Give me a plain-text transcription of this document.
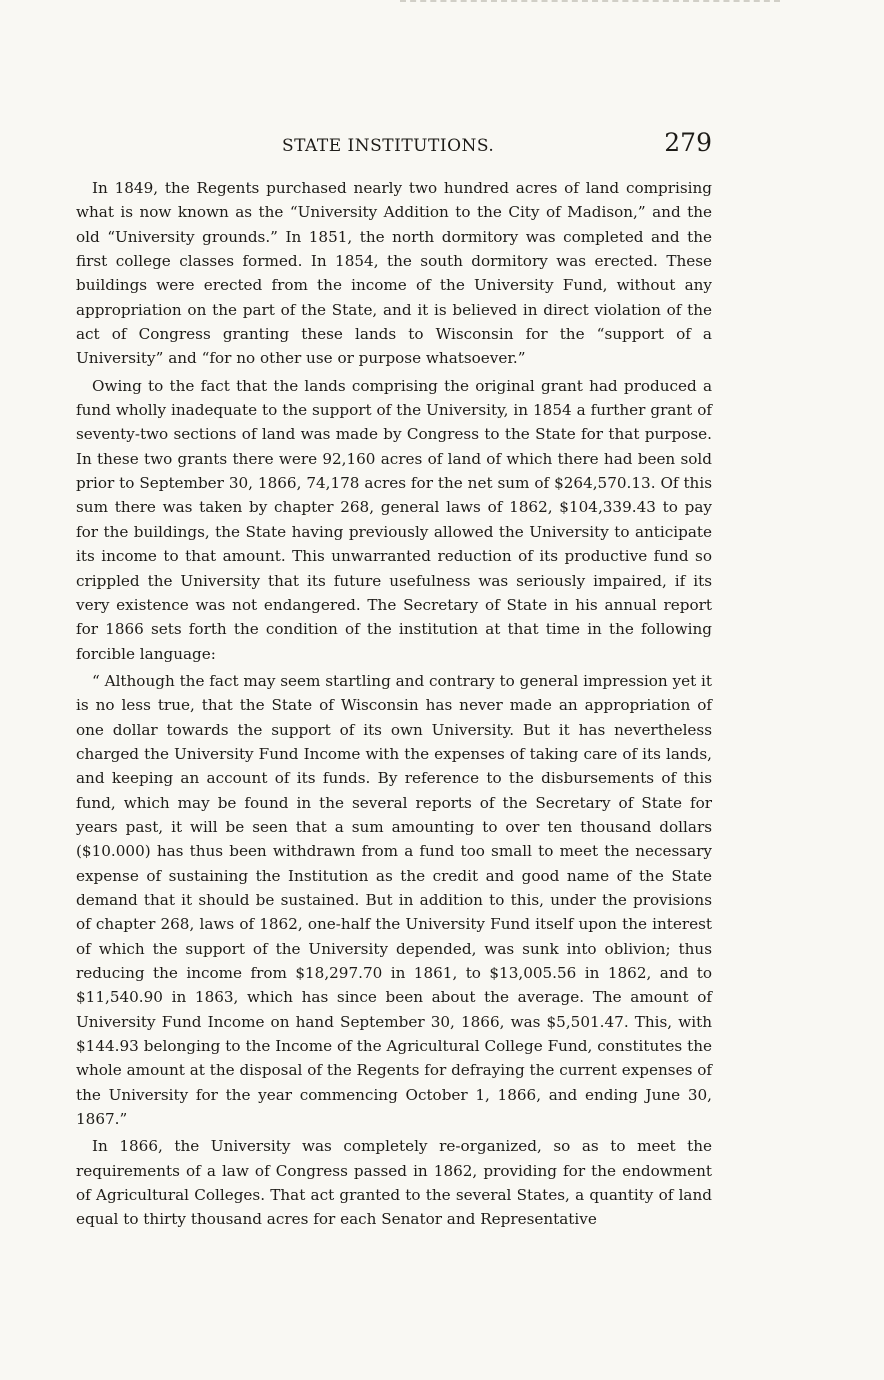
STATE INSTITUTIONS.	279

In 1849, the Regents purchased nearly two hundred acres of land comprising what is now known as the “University Addition to the City of Madison,” and the old “University grounds.” In 1851, the north dormitory was completed and the first college classes formed. In 1854, the south dormitory was erected. These buildings were erected from the income of the University Fund, without any appropriation on the part of the State, and it is believed in direct violation of the act of Congress granting these lands to Wisconsin for the “support of a University” and “for no other use or purpose whatsoever.”

Owing to the fact that the lands comprising the original grant had produced a fund wholly inadequate to the support of the University, in 1854 a further grant of seventy-two sections of land was made by Congress to the State for that purpose. In these two grants there were 92,160 acres of land of which there had been sold prior to September 30, 1866, 74,178 acres for the net sum of $264,570.13. Of this sum there was taken by chapter 268, general laws of 1862, $104,339.43 to pay for the buildings, the State having previously allowed the University to anticipate its income to that amount. This unwarranted reduction of its productive fund so crippled the University that its future usefulness was seriously impaired, if its very existence was not endangered. The Secretary of State in his annual report for 1866 sets forth the condition of the institution at that time in the following forcible language:

“ Although the fact may seem startling and contrary to general impression yet it is no less true, that the State of Wisconsin has never made an appropriation of one dollar towards the support of its own University. But it has nevertheless charged the University Fund Income with the expenses of taking care of its lands, and keeping an account of its funds. By reference to the disbursements of this fund, which may be found in the several reports of the Secretary of State for years past, it will be seen that a sum amounting to over ten thousand dollars ($10.000) has thus been withdrawn from a fund too small to meet the necessary expense of sustaining the Institution as the credit and good name of the State demand that it should be sustained. But in addition to this, under the provisions of chapter 268, laws of 1862, one-half the University Fund itself upon the interest of which the support of the University depended, was sunk into oblivion; thus reducing the income from $18,297.70 in 1861, to $13,005.56 in 1862, and to $11,540.90 in 1863, which has since been about the average. The amount of University Fund Income on hand September 30, 1866, was $5,501.47. This, with $144.93 belonging to the Income of the Agricultural College Fund, constitutes the whole amount at the disposal of the Regents for defraying the current expenses of the University for the year commencing October 1, 1866, and ending June 30, 1867.”

In 1866, the University was completely re-organized, so as to meet the requirements of a law of Congress passed in 1862, providing for the endowment of Agricultural Colleges. That act granted to the several States, a quantity of land equal to thirty thousand acres for each Senator and Representative
